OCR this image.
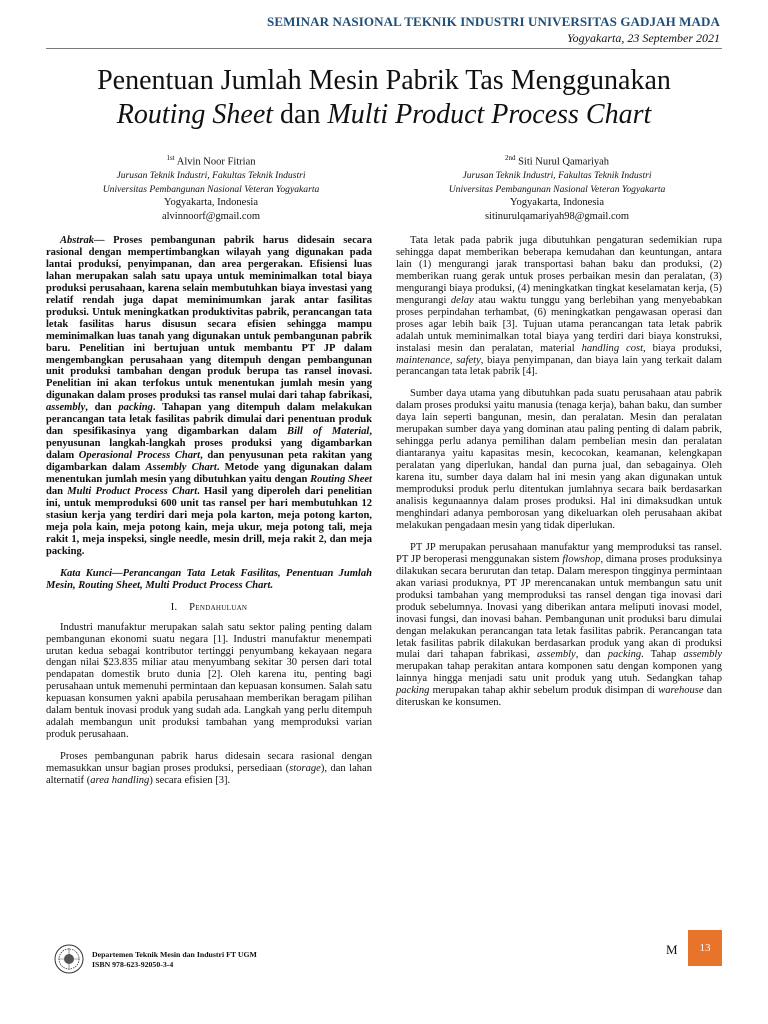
SEMINAR NASIONAL TEKNIK INDUSTRI UNIVERSITAS GADJAH MADA
Yogyakarta, 23 September 2021
Penentuan Jumlah Mesin Pabrik Tas Menggunakan
Routing Sheet dan Multi Product Process Chart
$^{1st}$ Alvin Noor Fitrian
Jurusan Teknik Industri, Fakultas Teknik Industri
Universitas Pembangunan Nasional Veteran Yogyakarta
Yogyakarta, Indonesia
alvinnoorf@gmail.com
$^{2nd}$ Siti Nurul Qamariyah
Jurusan Teknik Industri, Fakultas Teknik Industri
Universitas Pembangunan Nasional Veteran Yogyakarta
Yogyakarta, Indonesia
sitinurulqamariyah98@gmail.com

Abstrak— Proses pembangunan pabrik harus didesain secara rasional dengan mempertimbangkan wilayah yang digunakan pada lantai produksi, penyimpanan, dan area pergerakan. Efisiensi luas lahan merupakan salah satu upaya untuk meminimalkan total biaya produksi perusahaan, karena selain membutuhkan biaya investasi yang relatif rendah juga dapat meminimumkan jarak antar fasilitas produksi. Untuk meningkatkan produktivitas pabrik, perancangan tata letak fasilitas harus disusun secara efisien sehingga mampu meminimalkan luas tanah yang digunakan untuk pembangunan pabrik baru. Penelitian ini bertujuan untuk membantu PT JP dalam mengembangkan perusahaan yang ditempuh dengan pembangunan unit produksi tambahan dengan produk berupa tas ransel inovasi. Penelitian ini akan terfokus untuk menentukan jumlah mesin yang digunakan dalam proses produksi tas ransel mulai dari tahap fabrikasi, assembly, dan packing. Tahapan yang ditempuh dalam melakukan perancangan tata letak fasilitas pabrik dimulai dari penentuan produk dan spesifikasinya yang digambarkan dalam Bill of Material, penyusunan langkah-langkah proses produksi yang digambarkan dalam Operasional Process Chart, dan penyusunan peta rakitan yang digambarkan dalam Assembly Chart. Metode yang digunakan dalam menentukan jumlah mesin yang dibutuhkan yaitu dengan Routing Sheet dan Multi Product Process Chart. Hasil yang diperoleh dari penelitian ini, untuk memproduksi 600 unit tas ransel per hari membutuhkan 12 stasiun kerja yang terdiri dari meja pola karton, meja potong karton, meja pola kain, meja potong kain, meja ukur, meja potong tali, meja rakit 1, meja inspeksi, single needle, mesin drill, meja rakit 2, dan meja packing.

Kata Kunci—Perancangan Tata Letak Fasilitas, Penentuan Jumlah Mesin, Routing Sheet, Multi Product Process Chart.

I. Pendahuluan

Industri manufaktur merupakan salah satu sektor paling penting dalam pembangunan ekonomi suatu negara [1]. Industri manufaktur menempati urutan kedua sebagai kontributor tertinggi penyumbang kekayaan negara dengan nilai $23.835 miliar atau menyumbang sekitar 30 persen dari total pendapatan domestik bruto dunia [2]. Oleh karena itu, penting bagi perusahaan untuk memenuhi permintaan dan kepuasan konsumen. Salah satu kepuasan konsumen yakni apabila perusahaan memberikan beragam pilihan dalam bentuk inovasi produk yang sudah ada. Langkah yang perlu ditempuh adalah membangun unit produksi tambahan yang memproduksi varian produk perusahaan.

Proses pembangunan pabrik harus didesain secara rasional dengan memasukkan unsur bagian proses produksi, persediaan (storage), dan lahan alternatif (area handling) secara efisien [3].

Tata letak pada pabrik juga dibutuhkan pengaturan sedemikian rupa sehingga dapat memberikan beberapa kemudahan dan keuntungan, antara lain (1) mengurangi jarak transportasi bahan baku dan produksi, (2) memberikan ruang gerak untuk proses perbaikan mesin dan peralatan, (3) mengurangi biaya produksi, (4) meningkatkan tingkat keselamatan kerja, (5) mengurangi delay atau waktu tunggu yang berlebihan yang menyebabkan proses perpindahan terhambat, (6) meningkatkan pengawasan operasi dan proses agar lebih baik [3]. Tujuan utama perancangan tata letak pabrik adalah untuk meminimalkan total biaya yang terdiri dari biaya konstruksi, instalasi mesin dan peralatan, material handling cost, biaya produksi, maintenance, safety, biaya penyimpanan, dan biaya lain yang terkait dalam perancangan tata letak pabrik [4].

Sumber daya utama yang dibutuhkan pada suatu perusahaan atau pabrik dalam proses produksi yaitu manusia (tenaga kerja), bahan baku, dan sumber daya lain seperti bangunan, mesin, dan peralatan. Mesin dan peralatan merupakan sumber daya yang dominan atau paling penting di dalam pabrik, sehingga perlu adanya pemilihan dalam pembelian mesin dan peralatan diantaranya yaitu kapasitas mesin, kecocokan, keamanan, kelengkapan peralatan yang diperlukan, handal dan purna jual, dan sebagainya. Oleh karena itu, sumber daya dalam hal ini mesin yang akan digunakan untuk memproduksi produk perlu ditentukan jumlahnya secara baik berdasarkan analisis kegunaannya dalam proses produksi. Hal ini dimaksudkan untuk menghindari adanya pemborosan yang dikeluarkan oleh perusahaan akibat melakukan pengadaan mesin yang tidak diperlukan.

PT JP merupakan perusahaan manufaktur yang memproduksi tas ransel. PT JP beroperasi menggunakan sistem flowshop, dimana proses produksinya dilakukan secara berurutan dan tetap. Dalam merespon tingginya permintaan akan variasi produknya, PT JP merencanakan untuk membangun satu unit produksi tambahan yang memproduksi tas ransel dengan tiga inovasi dari produk sebelumnya. Inovasi yang diberikan antara meliputi inovasi model, inovasi fungsi, dan inovasi bahan. Pembangunan unit produksi baru dimulai dengan melakukan perancangan tata letak fasilitas pabrik. Perancangan tata letak fasilitas pabrik dilakukan berdasarkan produk yang akan di produksi mulai dari tahapan fabrikasi, assembly, dan packing. Tahap assembly merupakan tahap perakitan antara komponen satu dengan komponen yang lainnya hingga menjadi satu unit produk yang utuh. Sedangkan tahap packing merupakan tahap akhir sebelum produk disimpan di warehouse dan diteruskan ke konsumen.

Departemen Teknik Mesin dan Industri FT UGM
ISBN 978-623-92050-3-4
M	13
